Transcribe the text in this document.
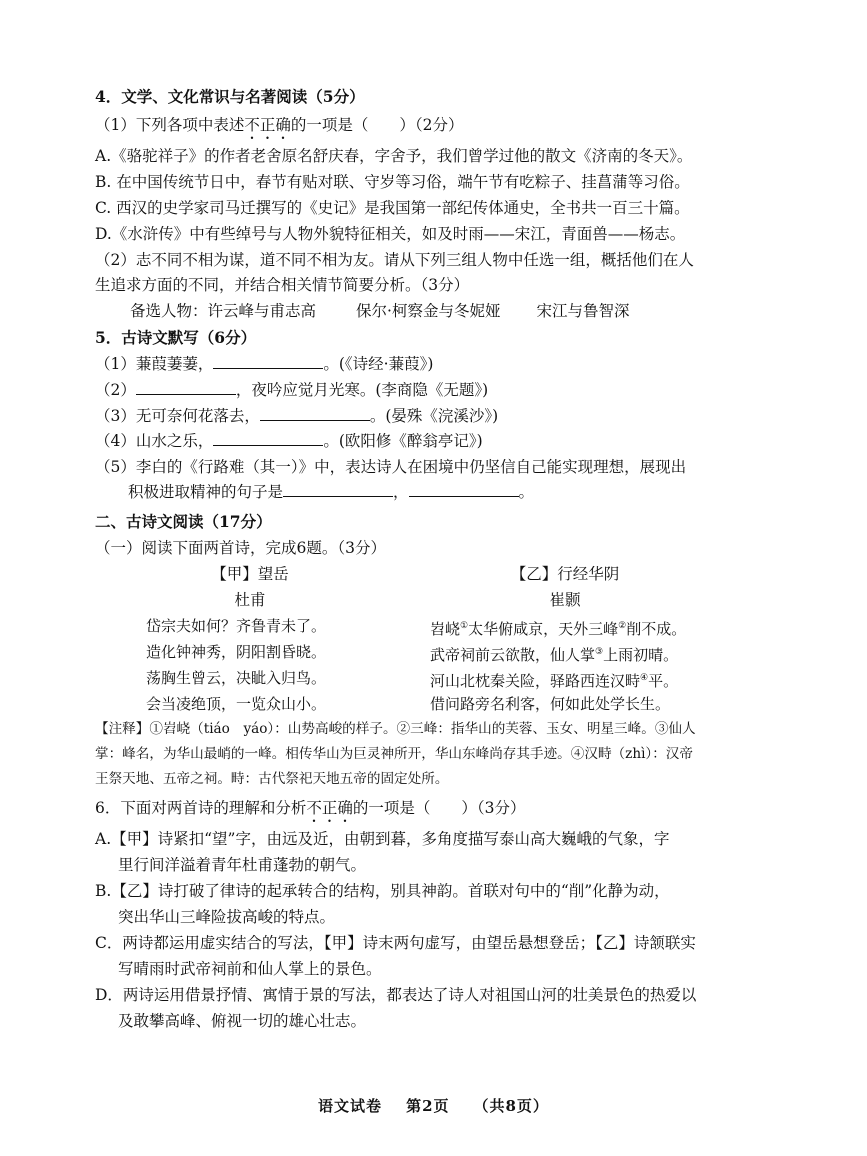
4．文学、文化常识与名著阅读（5分）
（1）下列各项中表述不正确的一项是（　　）（2分）
A.《骆驼祥子》的作者老舍原名舒庆春，字舍予，我们曾学过他的散文《济南的冬天》。
B. 在中国传统节日中，春节有贴对联、守岁等习俗，端午节有吃粽子、挂菖蒲等习俗。
C. 西汉的史学家司马迁撰写的《史记》是我国第一部纪传体通史，全书共一百三十篇。
D.《水浒传》中有些绰号与人物外貌特征相关，如及时雨——宋江，青面兽——杨志。
（2）志不同不相为谋，道不同不相为友。请从下列三组人物中任选一组，概括他们在人
生追求方面的不同，并结合相关情节简要分析。（3分）
备选人物：许云峰与甫志高	保尔·柯察金与冬妮娅 宋江与鲁智深
5．古诗文默写（6分）
（1）蒹葭萋萋，	。(《诗经·蒹葭》)
（2）	，夜吟应觉月光寒。(李商隐《无题》)
（3）无可奈何花落去，	。(晏殊《浣溪沙》)
（4）山水之乐，	。(欧阳修《醉翁亭记》)
（5）李白的《行路难（其一）》中，表达诗人在困境中仍坚信自己能实现理想，展现出
积极进取精神的句子是	，	。
二、古诗文阅读（17分）
（一）阅读下面两首诗，完成6题。（3分）
【甲】望岳
杜甫
岱宗夫如何？齐鲁青未了。
造化钟神秀，阴阳割昏晓。
荡胸生曾云，决眦入归鸟。
会当凌绝顶，一览众山小。
【乙】行经华阴
崔颢
岧峣①太华俯咸京，天外三峰②削不成。
武帝祠前云欲散，仙人掌③上雨初晴。
河山北枕秦关险，驿路西连汉畤④平。
借问路旁名利客，何如此处学长生。
【注释】①岧峣（tiáo　yáo）：山势高峻的样子。②三峰：指华山的芙蓉、玉女、明星三峰。③仙人
掌：峰名，为华山最峭的一峰。相传华山为巨灵神所开，华山东峰尚存其手迹。④汉畤（zhì）：汉帝
王祭天地、五帝之祠。畤：古代祭祀天地五帝的固定处所。
6．下面对两首诗的理解和分析不正确的一项是（　　）（3分）
A.【甲】诗紧扣“望”字，由远及近，由朝到暮，多角度描写泰山高大巍峨的气象，字
里行间洋溢着青年杜甫蓬勃的朝气。
B.【乙】诗打破了律诗的起承转合的结构，别具神韵。首联对句中的“削”化静为动，
突出华山三峰险拔高峻的特点。
C．两诗都运用虚实结合的写法，【甲】诗末两句虚写，由望岳悬想登岳；【乙】诗颔联实
写晴雨时武帝祠前和仙人掌上的景色。
D．两诗运用借景抒情、寓情于景的写法，都表达了诗人对祖国山河的壮美景色的热爱以
及敢攀高峰、俯视一切的雄心壮志。
语文试卷 第2页 （共8页）
